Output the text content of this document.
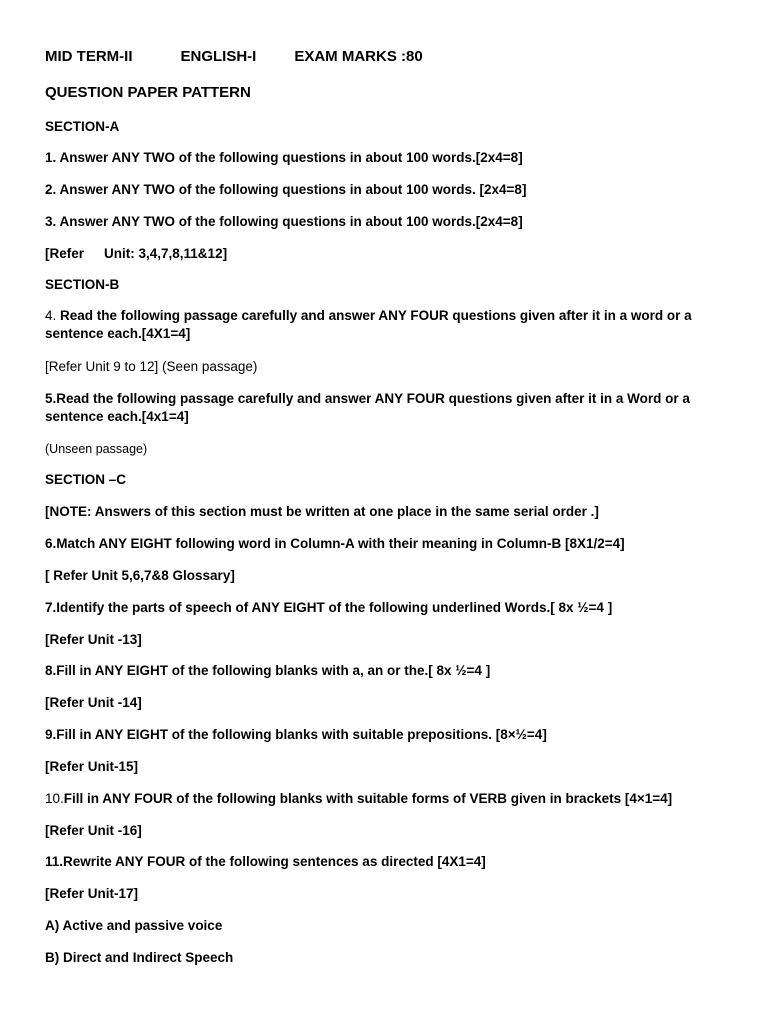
MID TERM-II	ENGLISH-I	EXAM MARKS :80
QUESTION PAPER PATTERN
SECTION-A
1. Answer ANY TWO of the following questions in about 100 words.[2x4=8]
2. Answer ANY TWO of the following questions in about 100 words. [2x4=8]
3. Answer ANY TWO of the following questions in about 100 words.[2x4=8]
[Refer Unit: 3,4,7,8,11&12]
SECTION-B
4. Read the following passage carefully and answer ANY FOUR questions given after it in a word or a sentence each.[4X1=4]
[Refer Unit 9 to 12] (Seen passage)
5.Read the following passage carefully and answer ANY FOUR questions given after it in a Word or a sentence each.[4x1=4]
(Unseen passage)
SECTION –C
[NOTE: Answers of this section must be written at one place in the same serial order .]
6.Match ANY EIGHT following word in Column-A with their meaning in Column-B [8X1/2=4]
[ Refer Unit 5,6,7&8 Glossary]
7.Identify the parts of speech of ANY EIGHT of the following underlined Words.[ 8x ½=4 ]
[Refer Unit -13]
8.Fill in ANY EIGHT of the following blanks with a, an or the.[ 8x ½=4 ]
[Refer Unit -14]
9.Fill in ANY EIGHT of the following blanks with suitable prepositions. [8×½=4]
[Refer Unit-15]
10.Fill in ANY FOUR of the following blanks with suitable forms of VERB given in brackets [4×1=4]
[Refer Unit -16]
11.Rewrite ANY FOUR of the following sentences as directed [4X1=4]
[Refer Unit-17]
A) Active and passive voice
B) Direct and Indirect Speech
